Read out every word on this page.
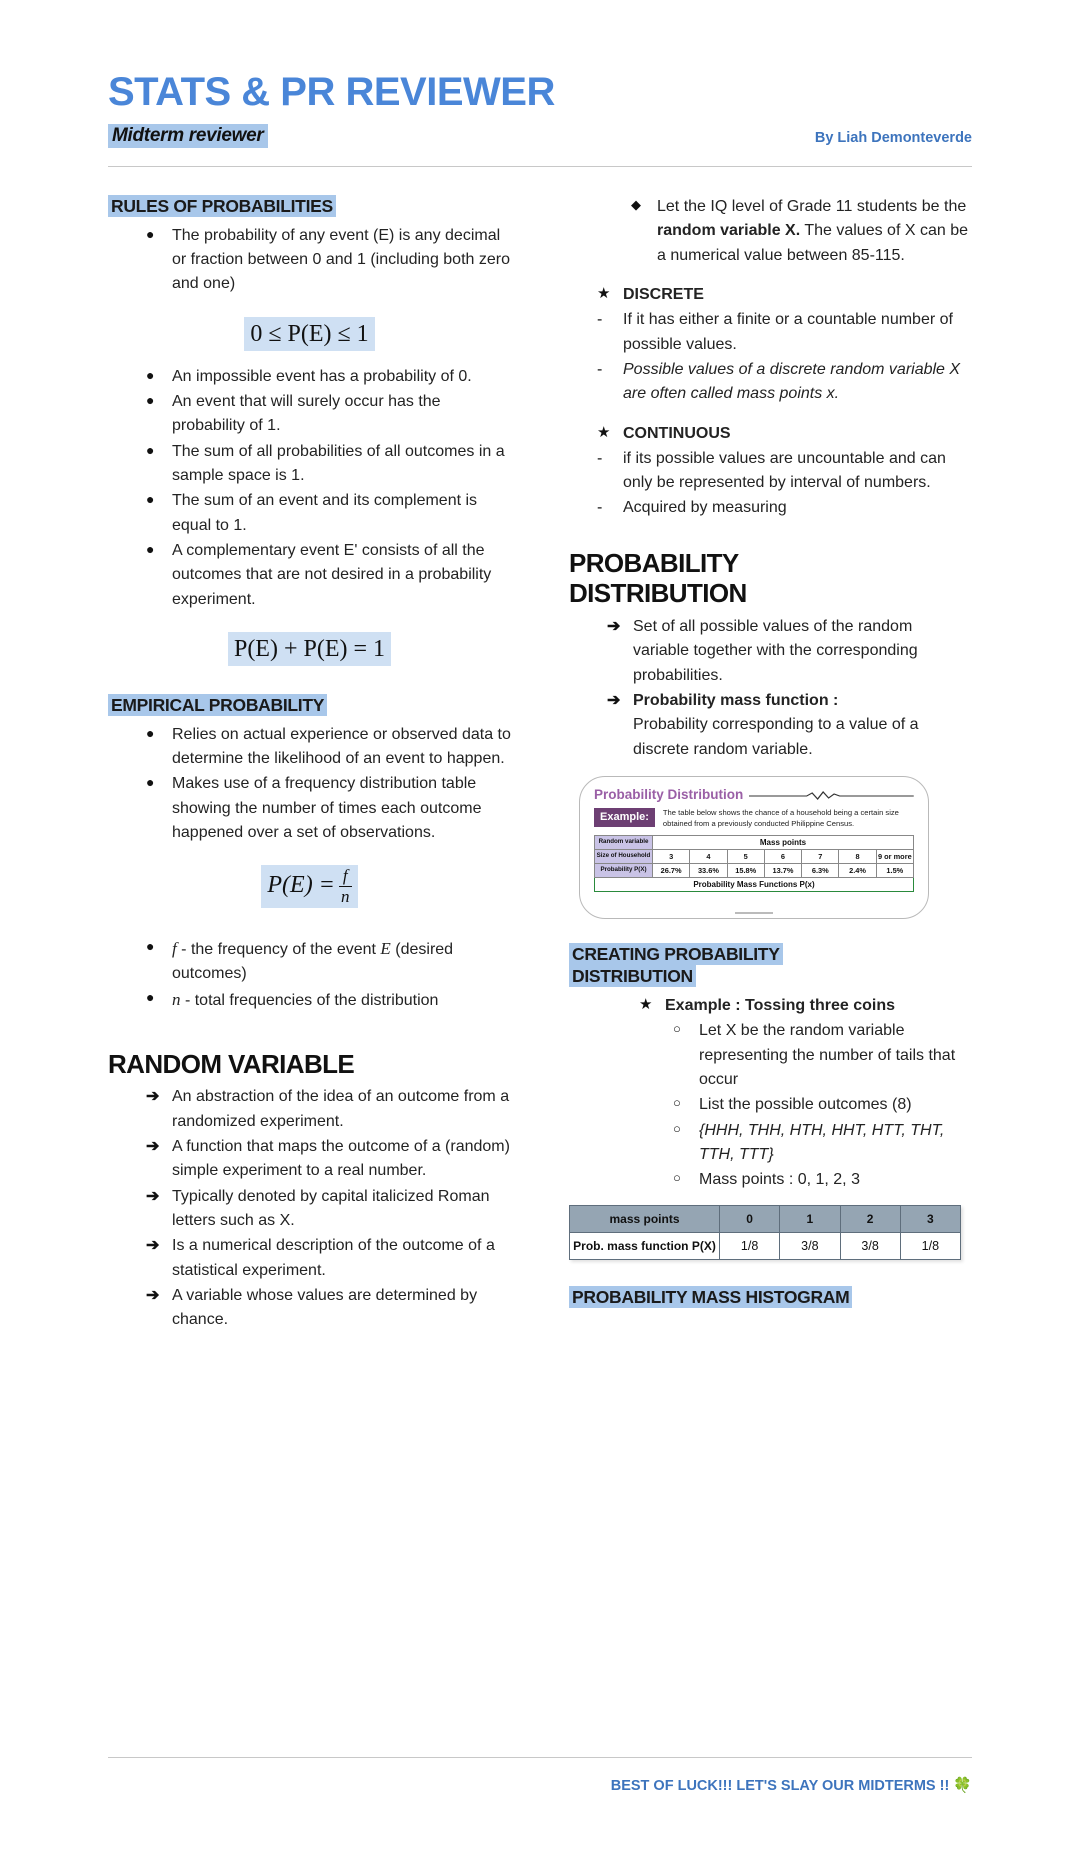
STATS & PR REVIEWER
Midterm reviewer	By Liah Demonteverde
RULES OF PROBABILITIES
●	The probability of any event (E) is any decimal or fraction between 0 and 1 (including both zero and one)
0 ≤ P(E) ≤ 1
●	An impossible event has a probability of 0.
●	An event that will surely occur has the probability of 1.
●	The sum of all probabilities of all outcomes in a sample space is 1.
●	The sum of an event and its complement is equal to 1.
●	A complementary event E' consists of all the outcomes that are not desired in a probability experiment.
P(E) + P(E) = 1
EMPIRICAL PROBABILITY
●	Relies on actual experience or observed data to determine the likelihood of an event to happen.
●	Makes use of a frequency distribution table showing the number of times each outcome happened over a set of observations.
$P(E) = \frac{f}{n}$
●	f - the frequency of the event E (desired outcomes)
●	n - total frequencies of the distribution
RANDOM VARIABLE
➔ An abstraction of the idea of an outcome from a randomized experiment.
➔ A function that maps the outcome of a (random) simple experiment to a real number.
➔ Typically denoted by capital italicized Roman letters such as X.
➔ Is a numerical description of the outcome of a statistical experiment.
➔ A variable whose values are determined by chance.
◆	Let the IQ level of Grade 11 students be the random variable X. The values of X can be a numerical value between 85-115.
★ DISCRETE
-	If it has either a finite or a countable number of possible values.
-	Possible values of a discrete random variable X are often called mass points x.
★ CONTINUOUS
-	if its possible values are uncountable and can only be represented by interval of numbers.
-	Acquired by measuring
PROBABILITY DISTRIBUTION
➔ Set of all possible values of the random variable together with the corresponding probabilities.
➔ Probability mass function :
Probability corresponding to a value of a discrete random variable.
Probability Distribution
Example:	The table below shows the chance of a household being a certain size obtained from a previously conducted Philippine Census.
Random variable	Mass points						
Size of Household	3	4	5	6	7	8	9 or more
Probability P(X)	26.7%	33.6%	15.8%	13.7%	6.3%	2.4%	1.5%
Probability Mass Functions P(x)							
CREATING PROBABILITY DISTRIBUTION
★ Example : Tossing three coins
○	Let X be the random variable representing the number of tails that occur
○	List the possible outcomes (8)
○	{HHH, THH, HTH, HHT, HTT, THT, TTH, TTT}
○	Mass points : 0, 1, 2, 3
mass points	0	1	2	3
Prob. mass function P(X)	1/8	3/8	3/8	1/8
PROBABILITY MASS HISTOGRAM
BEST OF LUCK!!! LET'S SLAY OUR MIDTERMS !! 🍀
